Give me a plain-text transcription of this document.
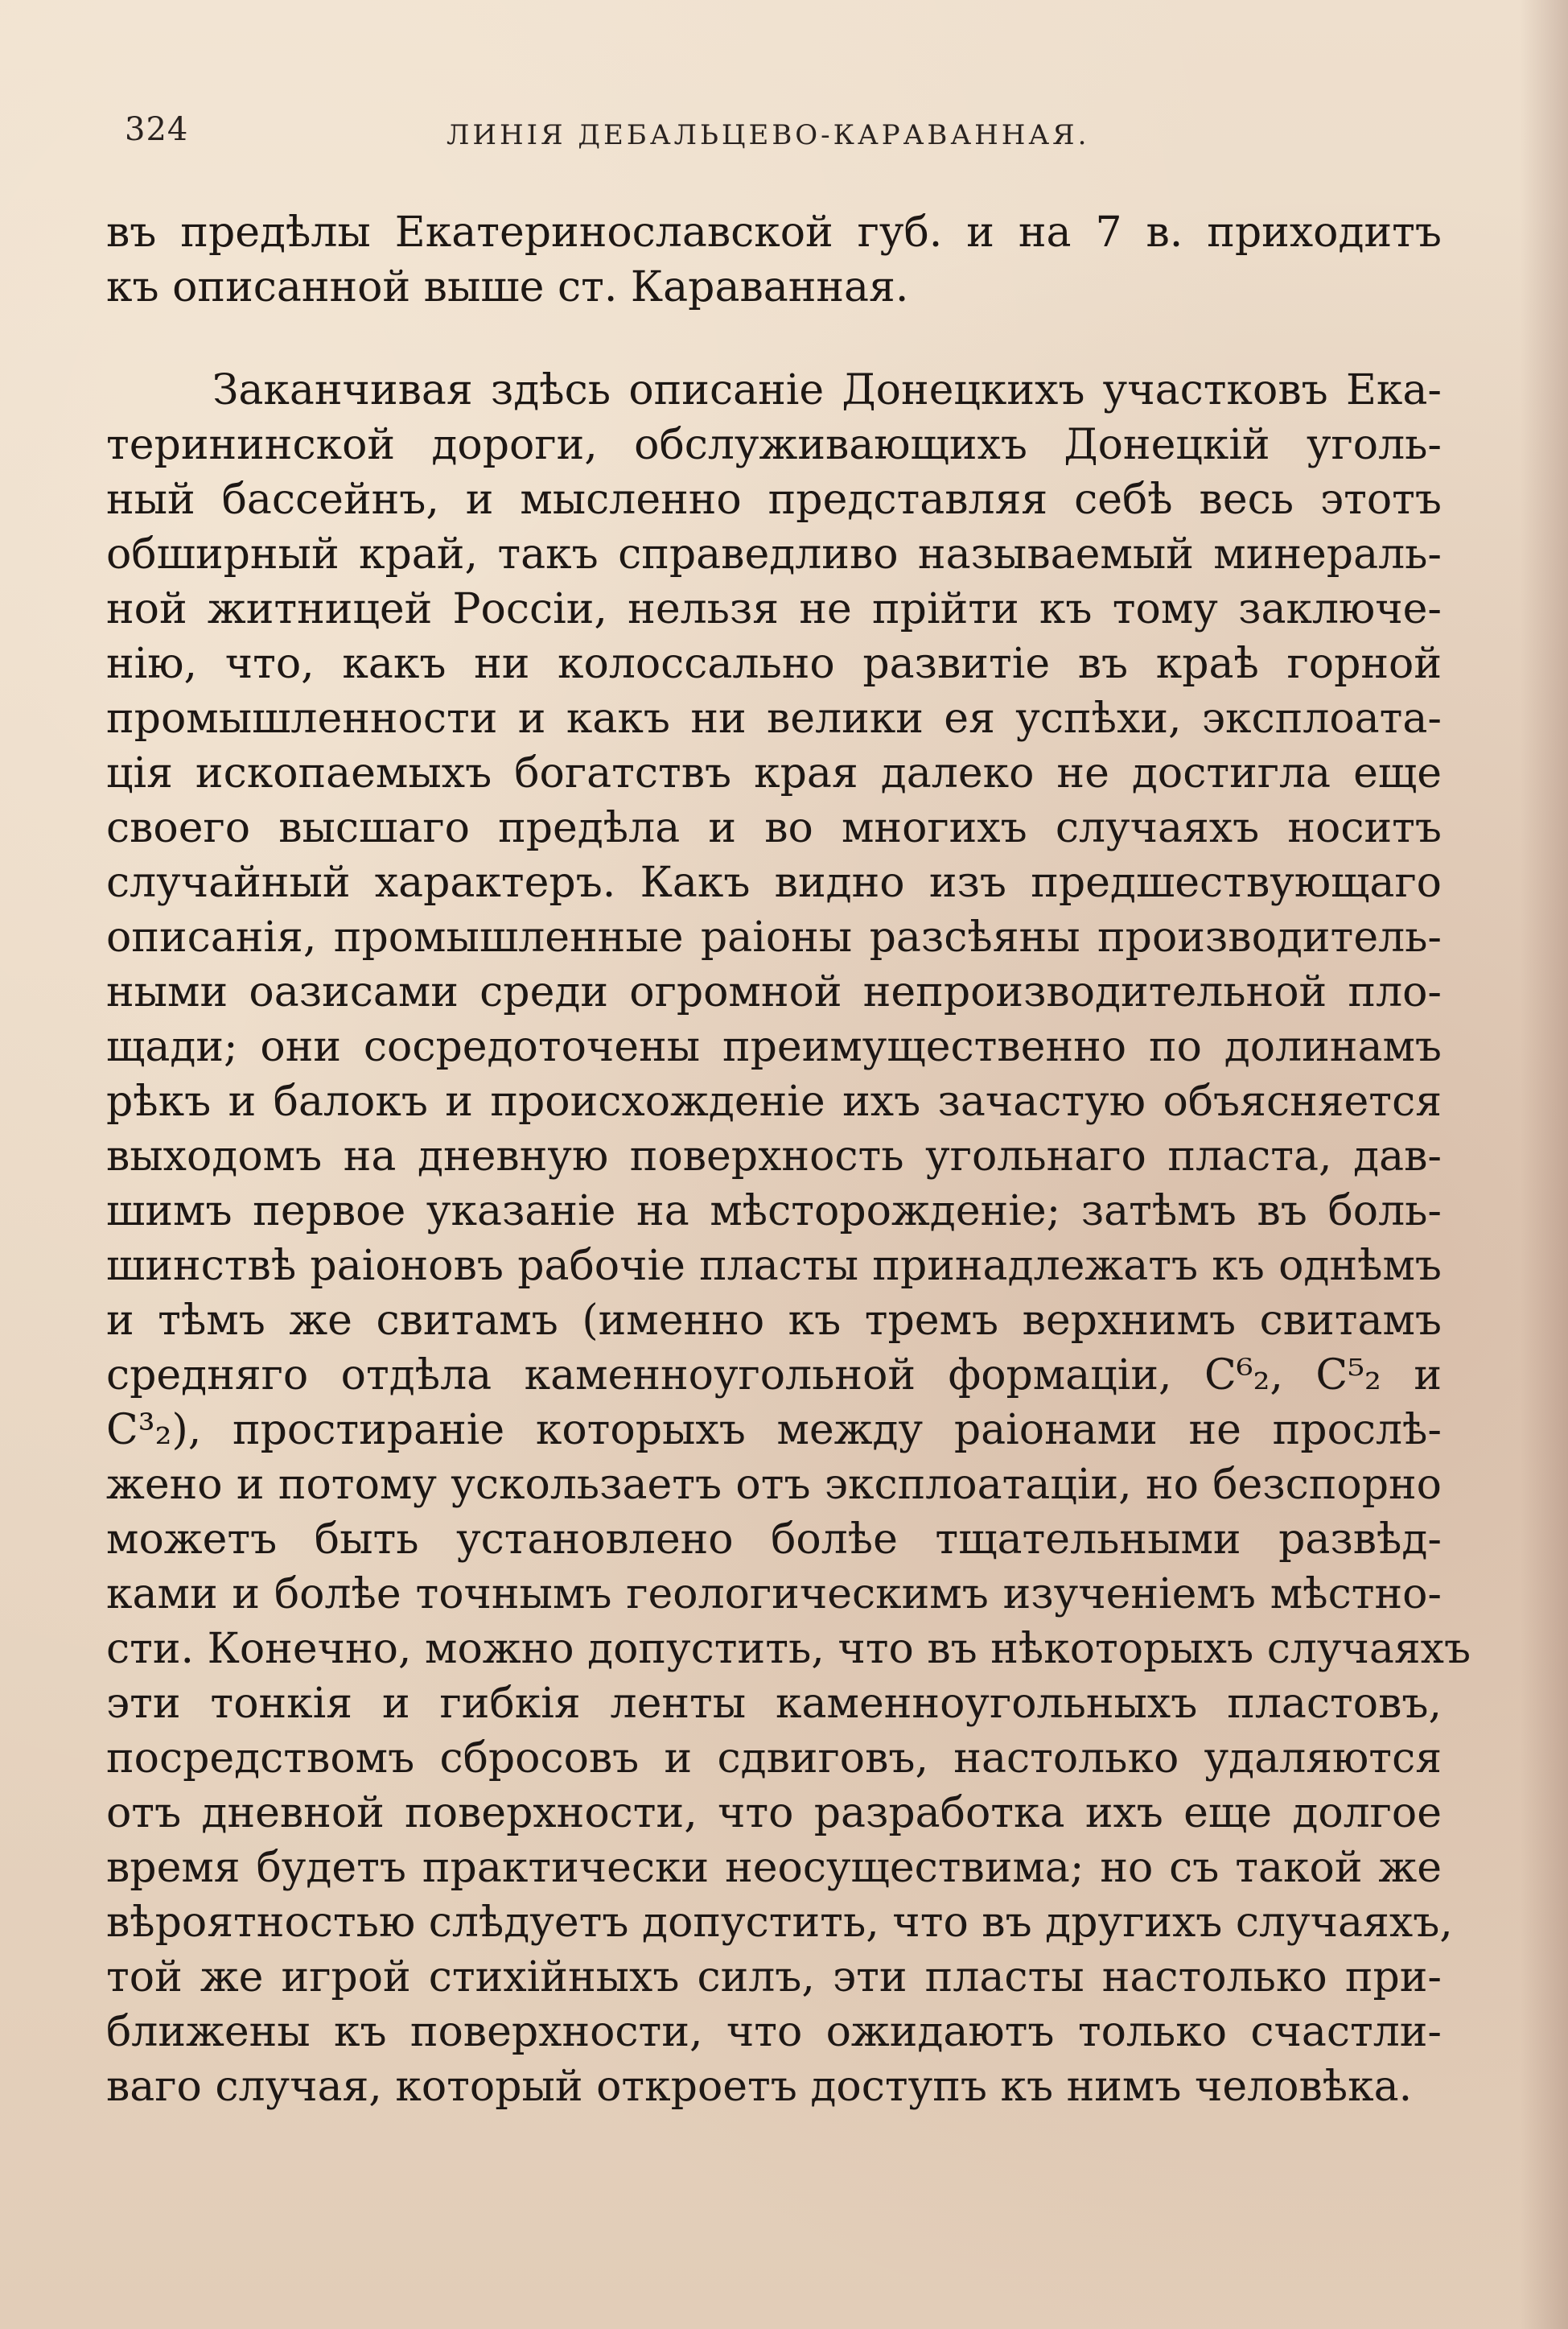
324	ЛИНІЯ ДЕБАЛЬЦЕВО-КАРАВАННАЯ.
въ предѣлы Екатеринославской губ. и на 7 в. приходитъ
къ описанной выше ст. Караванная.
Заканчивая здѣсь описаніе Донецкихъ участковъ Ека-
терининской дороги, обслуживающихъ Донецкій уголь-
ный бассейнъ, и мысленно представляя себѣ весь этотъ
обширный край, такъ справедливо называемый минераль-
ной житницей Россіи, нельзя не прійти къ тому заключе-
нію, что, какъ ни колоссально развитіе въ краѣ горной
промышленности и какъ ни велики ея успѣхи, эксплоата-
ція ископаемыхъ богатствъ края далеко не достигла еще
своего высшаго предѣла и во многихъ случаяхъ носитъ
случайный характеръ. Какъ видно изъ предшествующаго
описанія, промышленные раіоны разсѣяны производитель-
ными оазисами среди огромной непроизводительной пло-
щади; они сосредоточены преимущественно по долинамъ
рѣкъ и балокъ и происхожденіе ихъ зачастую объясняется
выходомъ на дневную поверхность угольнаго пласта, дав-
шимъ первое указаніе на мѣсторожденіе; затѣмъ въ боль-
шинствѣ раіоновъ рабочіе пласты принадлежатъ къ однѣмъ
и тѣмъ же свитамъ (именно къ тремъ верхнимъ свитамъ
средняго отдѣла каменноугольной формаціи, C⁶₂, C⁵₂ и
C³₂), простираніе которыхъ между раіонами не прослѣ-
жено и потому ускользаетъ отъ эксплоатаціи, но безспорно
можетъ быть установлено болѣе тщательными развѣд-
ками и болѣе точнымъ геологическимъ изученіемъ мѣстно-
сти. Конечно, можно допустить, что въ нѣкоторыхъ случаяхъ
эти тонкія и гибкія ленты каменноугольныхъ пластовъ,
посредствомъ сбросовъ и сдвиговъ, настолько удаляются
отъ дневной поверхности, что разработка ихъ еще долгое
время будетъ практически неосуществима; но съ такой же
вѣроятностью слѣдуетъ допустить, что въ другихъ случаяхъ,
той же игрой стихійныхъ силъ, эти пласты настолько при-
ближены къ поверхности, что ожидаютъ только счастли-
ваго случая, который откроетъ доступъ къ нимъ человѣка.
